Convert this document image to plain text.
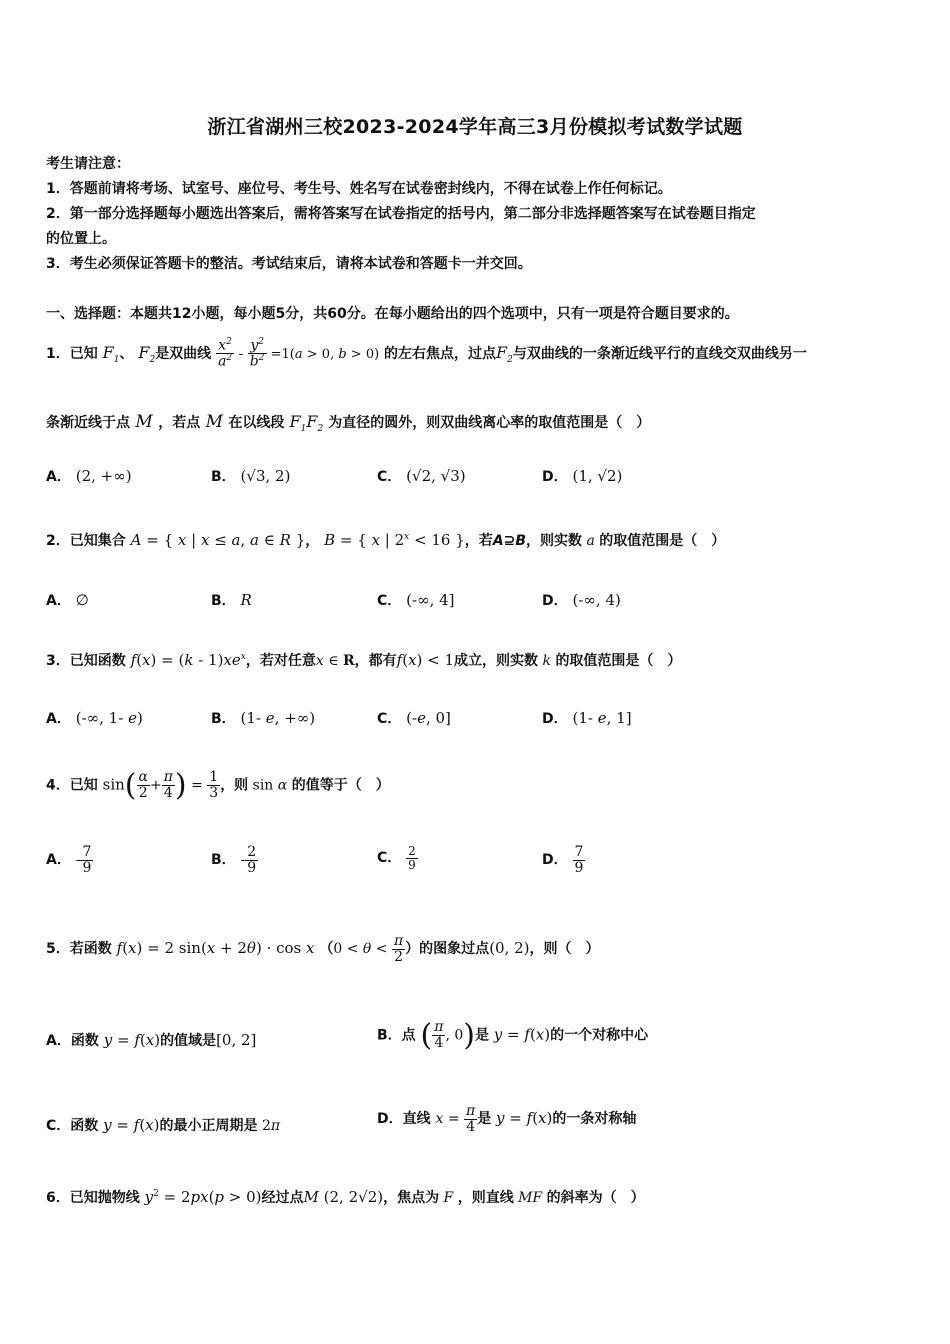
浙江省湖州三校2023-2024学年高三3月份模拟考试数学试题
考生请注意：
1．答题前请将考场、试室号、座位号、考生号、姓名写在试卷密封线内，不得在试卷上作任何标记。
2．第一部分选择题每小题选出答案后，需将答案写在试卷指定的括号内，第二部分非选择题答案写在试卷题目指定
的位置上。
3．考生必须保证答题卡的整洁。考试结束后，请将本试卷和答题卡一并交回。
一、选择题：本题共12小题，每小题5分，共60分。在每小题给出的四个选项中，只有一项是符合题目要求的。
1．已知 $F_1$、 $F_2$是双曲线 $\frac{x^2}{a^2} - \frac{y^2}{b^2} =1(a > 0$, b > 0) 的左右焦点，过点$F_2$与双曲线的一条渐近线平行的直线交双曲线另一
条渐近线于点 M ，若点 M 在以线段 $F_1F_2$ 为直径的圆外，则双曲线离心率的取值范围是（　）
A． (2, +∞)	B． (√3, 2)	C． (√2, √3)	D． (1, √2)
2．已知集合 A = { x | x ≤ a, a ∈ R }， B = { x | $2^x < 16$ }，若A⊇B，则实数 a 的取值范围是（　）
A． ∅	B． R	C． (-∞, 4]	D． (-∞, 4)
3．已知函数 $f(x) = (k - 1)xe^x$，若对任意x ∈ R，都有f(x) < 1成立，则实数 k 的取值范围是（　）
A． (-∞, 1- e)	B． (1- e, +∞)	C． (-e, 0]	D． (1- e, 1]
4．已知 $\sin( \frac{\alpha}{2} + \frac{\pi}{4}$ ) = $\frac{1}{3}$ ，则 sin α 的值等于（　）
A． - $\frac{7}{9}$	B． - $\frac{2}{9}$	C． $\frac{2}{9}$	D． $\frac{7}{9}$
5．若函数 f(x) = 2 sin(x + 2θ) · cos x （$0 < \theta < \frac{\pi}{2}$ ）的图象过点(0, 2)，则（　）
A．函数 y = f(x)的值域是[0, 2]	B．点 ( $\frac{\pi}{4}$ , 0)是 y = f(x)的一个对称中心
C．函数 y = f(x)的最小正周期是 2π	D．直线 $x = \frac{\pi}{4}$ 是 y = f(x)的一条对称轴
6．已知抛物线 $y^2 = 2px(p > 0)$经过点M (2, 2√2)，焦点为 F ，则直线 MF 的斜率为（　）
